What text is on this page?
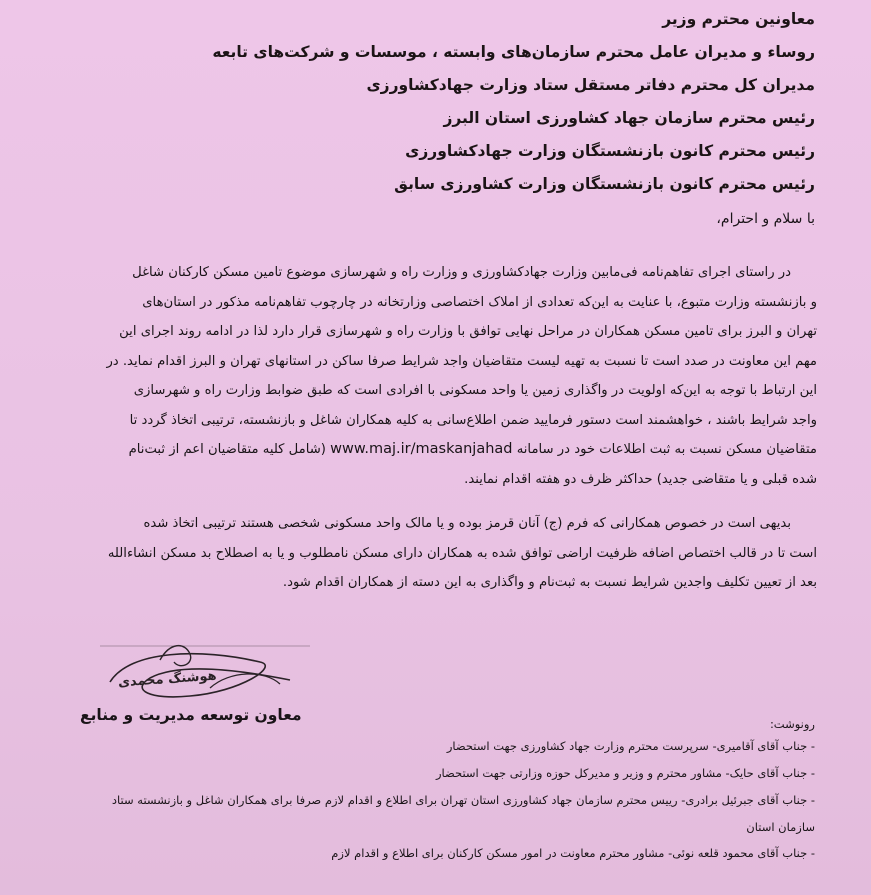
معاونین محترم وزیر
روساء و مدیران عامل محترم سازمان‌های وابسته ، موسسات و شرکت‌های تابعه
مدیران کل محترم دفاتر مستقل ستاد وزارت جهادکشاورزی
رئیس محترم سازمان جهاد کشاورزی استان البرز
رئیس محترم کانون بازنشستگان وزارت جهادکشاورزی
رئیس محترم کانون بازنشستگان وزارت کشاورزی سابق
با سلام و احترام،
در راستای اجرای تفاهم‌نامه فی‌مابین وزارت جهادکشاورزی و وزارت راه و شهرسازی موضوع تامین مسکن کارکنان شاغل
و بازنشسته وزارت متبوع، با عنایت به این‌که تعدادی از املاک اختصاصی وزارتخانه در چارچوب تفاهم‌نامه مذکور در استان‌های
تهران و البرز برای تامین مسکن همکاران در مراحل نهایی توافق با وزارت راه و شهرسازی قرار دارد لذا در ادامه روند اجرای این
مهم این معاونت در صدد است تا نسبت به تهیه لیست متقاضیان واجد شرایط صرفا ساکن در استانهای تهران و البرز اقدام نماید. در
این ارتباط با توجه به این‌که اولویت در واگذاری زمین یا واحد مسکونی با افرادی است که طبق ضوابط وزارت راه و شهرسازی
واجد شرایط باشند ، خواهشمند است دستور فرمایید ضمن اطلاع‌سانی به کلیه همکاران شاغل و بازنشسته، ترتیبی اتخاذ گردد تا
متقاضیان مسکن نسبت به ثبت اطلاعات خود در سامانه www.maj.ir/maskanjahad (شامل کلیه متقاضیان اعم از ثبت‌نام
شده قبلی و یا متقاضی جدید) حداکثر ظرف دو هفته اقدام نمایند.
بدیهی است در خصوص همکارانی که فرم (ج) آنان قرمز بوده و یا مالک واحد مسکونی شخصی هستند ترتیبی اتخاذ شده
است تا در قالب اختصاص اضافه ظرفیت اراضی توافق شده به همکاران دارای مسکن نامطلوب و یا به اصطلاح بد مسکن انشاءالله
بعد از تعیین تکلیف واجدین شرایط نسبت به ثبت‌نام و واگذاری به این دسته از همکاران اقدام شود.
هوشنگ محمدی
معاون توسعه مدیریت و منابع	رونوشت:
- جناب آقای آقامیری- سرپرست محترم وزارت جهاد کشاورزی جهت استحضار
- جناب آقای حایک- مشاور محترم و وزیر و مدیرکل حوزه وزارتی جهت استحضار
- جناب آقای جبرئیل برادری- رییس محترم سازمان جهاد کشاورزی استان تهران برای اطلاع و اقدام لازم صرفا برای همکاران شاغل و بازنشسته ستاد
سازمان استان
- جناب آقای محمود قلعه نوئی- مشاور محترم معاونت در امور مسکن کارکنان برای اطلاع و اقدام لازم
